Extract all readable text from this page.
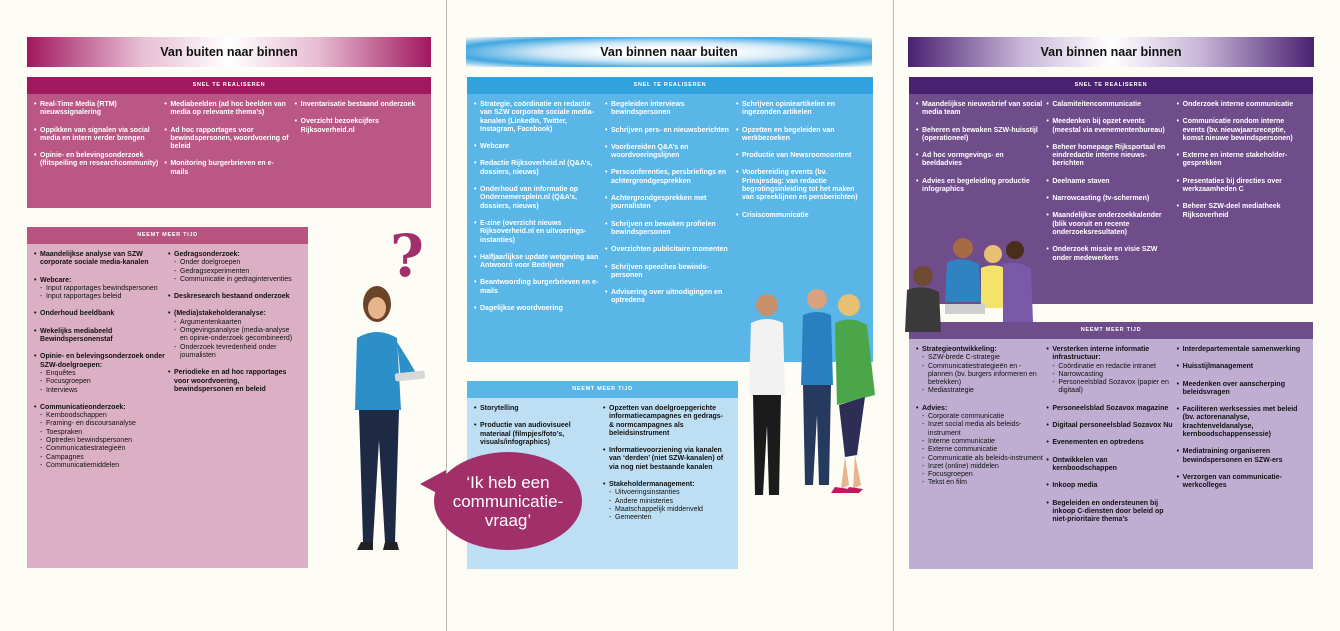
Van buiten naar binnen	Van binnen naar buiten	Van binnen naar binnen
SNEL TE REALISEREN
• Real-Time Media (RTM) nieuwssignalering
• Oppikken van signalen via social media en intern verder brengen
• Opinie- en belevingsonderzoek (flitspeiling en researchcommunity)
• Mediabeelden (ad hoc beelden van media op relevante thema’s)
• Ad hoc rapportages voor bewindspersonen, woordvoering of beleid
• Monitoring burgerbrieven en e-mails
• Inventarisatie bestaand onderzoek
• Overzicht bezoekcijfers Rijksoverheid.nl
NEEMT MEER TIJD
• Maandelijkse analyse van SZW corporate sociale media-kanalen
• Webcare:
- Input rapportages bewindspersonen
- Input rapportages beleid
• Onderhoud beeldbank
• Wekelijks mediabeeld Bewindspersonenstaf
• Opinie- en belevingsonderzoek onder SZW-doelgroepen:
- Enquêtes
- Focusgroepen
- Interviews
• Communicatieonderzoek:
- Kernboodschappen
- Framing- en discoursanalyse
- Toespraken
- Optreden bewindspersonen
- Communicatiestrategieën
- Campagnes
- Communicatiemiddelen
• Gedragsonderzoek:
- Onder doelgroepen
- Gedragsexperimenten
- Communicatie in gedraginterventies
• Deskresearch bestaand onderzoek
• (Media)stakeholderanalyse:
- Argumentenkaarten
- Omgevingsanalyse (media-analyse en opinie-onderzoek gecombineerd)
- Onderzoek tevredenheid onder journalisten
• Periodieke en ad hoc rapportages voor woordvoering, bewindspersonen en beleid
SNEL TE REALISEREN
• Strategie, coördinatie en redactie van SZW corporate sociale media-kanalen (LinkedIn, Twitter, Instagram, Facebook)
• Webcare
• Redactie Rijksoverheid.nl (Q&A’s, dossiers, nieuws)
• Onderhoud van informatie op Ondernemersplein.nl (Q&A’s, dossiers, nieuws)
• E-zine (overzicht nieuws Rijksoverheid.nl en uitvoerings-instanties)
• Halfjaarlijkse update wetgeving aan Antwoord voor Bedrijven
• Beantwoording burgerbrieven en e-mails
• Dagelijkse woordvoering
• Begeleiden interviews bewindspersonen
• Schrijven pers- en nieuwsberichten
• Voorbereiden Q&A’s en woordvoeringslijnen
• Persconferenties, persbriefings en achtergrondgesprekken
• Achtergrondgesprekken met journalisten
• Schrijven en bewaken profielen bewindspersonen
• Overzichten publicitaire momenten
• Schrijven speeches bewinds-personen
• Advisering over uitnodigingen en optredens
• Schrijven opinieartikelen en ingezonden artikelen
• Opzetten en begeleiden van werkbezoeken
• Productie van Newsroomcontent
• Voorbereiding events (bv. Prinsjesdag: van redactie begrotingsinleiding tot het maken van spreeklijnen en persberichten)
• Crisiscommunicatie
NEEMT MEER TIJD
• Storytelling
• Productie van audiovisueel materiaal (filmpjes/foto’s, visuals/infographics)
• Opzetten van doelgroepgerichte informatiecampagnes en gedrags- & normcampagnes als beleidsinstrument
• Informatievoorziening via kanalen van ‘derden’ (niet SZW-kanalen) of via nog niet bestaande kanalen
• Stakeholdermanagement:
- Uitvoeringsinstanties
- Andere ministeries
- Maatschappelijk middenveld
- Gemeenten
SNEL TE REALISEREN
• Maandelijkse nieuwsbrief van social media team
• Beheren en bewaken SZW-huisstijl (operationeel)
• Ad hoc vormgevings- en beeldadvies
• Advies en begeleiding productie infographics
• Calamiteitencommunicatie
• Meedenken bij opzet events (meestal via evenementenbureau)
• Beheer homepage Rijksportaal en eindredactie interne nieuws-berichten
• Deelname staven
• Narrowcasting (tv-schermen)
• Maandelijkse onderzoekkalender (blik vooruit en recente onderzoeksresultaten)
• Onderzoek missie en visie SZW onder medewerkers
• Onderzoek interne communicatie
• Communicatie rondom interne events (bv. nieuwjaarsreceptie, komst nieuwe bewindspersonen)
• Externe en interne stakeholder-gesprekken
• Presentaties bij directies over werkzaamheden C
• Beheer SZW-deel mediatheek Rijksoverheid
NEEMT MEER TIJD
• Strategieontwikkeling:
- SZW-brede C-strategie
- Communicatiestrategieën en -plannen (bv. burgers informeren en betrekken)
- Mediastrategie
• Advies:
- Corporate communicatie
- Inzet social media als beleids-instrument
- Interne communicatie
- Externe communicatie
- Communicatie als beleids-instrument
- Inzet (online) middelen
- Focusgroepen
- Tekst en film
• Versterken interne informatie infrastructuur:
- Coördinatie en redactie intranet
- Narrowcasting
- Personeelsblad Sozavox (papier en digitaal)
• Personeelsblad Sozavox magazine
• Digitaal personeelsblad Sozavox Nu
• Evenementen en optredens
• Ontwikkelen van kernboodschappen
• Inkoop media
• Begeleiden en ondersteunen bij inkoop C-diensten door beleid op niet-prioritaire thema’s
• Interdepartementale samenwerking
• Huisstijlmanagement
• Meedenken over aanscherping beleidsvragen
• Faciliteren werksessies met beleid (bv. actorenanalyse, krachtenveldanalyse, kernboodschappensessie)
• Mediatraining organiseren bewindspersonen en SZW-ers
• Verzorgen van communicatie-werkcolleges
?
‘Ik heb een communicatie-vraag’
